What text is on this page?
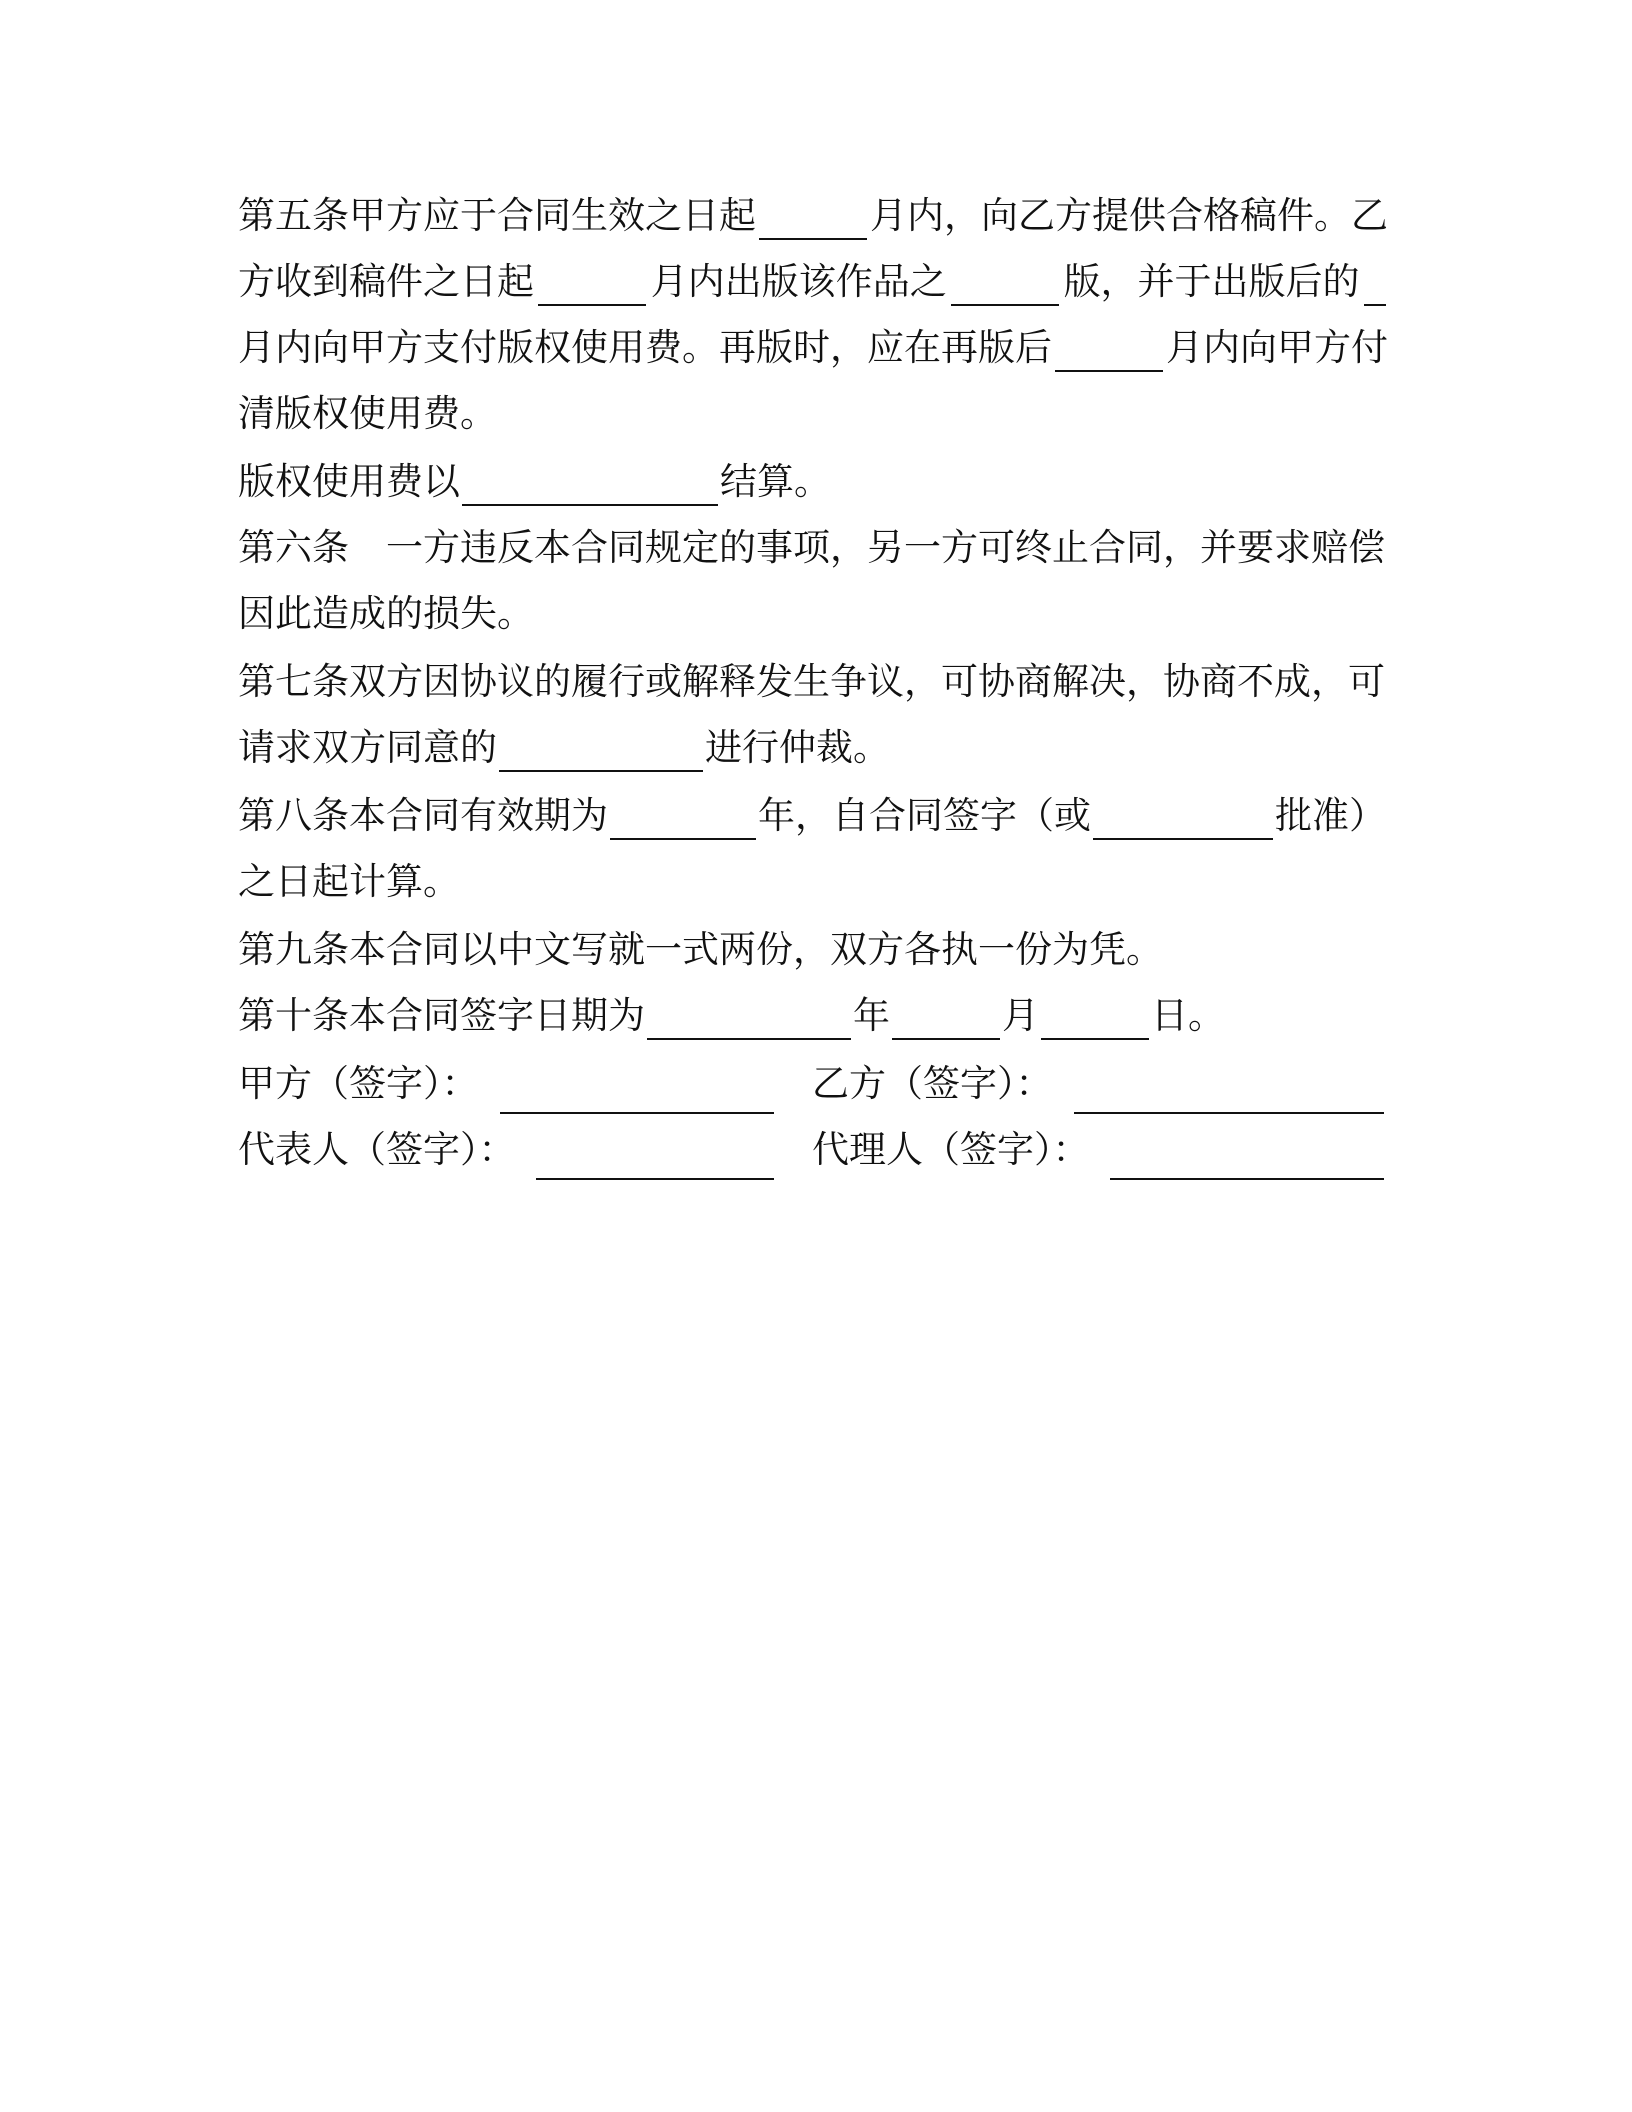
第五条甲方应于合同生效之日起	月内，向乙方提供合格稿件。乙
方收到稿件之日起	月内出版该作品之	版，并于出版后的
月内向甲方支付版权使用费。再版时，应在再版后	月内向甲方付
清版权使用费。
版权使用费以	结算。
第六条　一方违反本合同规定的事项，另一方可终止合同，并要求赔偿
因此造成的损失。
第七条双方因协议的履行或解释发生争议，可协商解决，协商不成，可
请求双方同意的	进行仲裁。
第八条本合同有效期为	年，自合同签字（或	批准）
之日起计算。
第九条本合同以中文写就一式两份，双方各执一份为凭。
第十条本合同签字日期为	年	月	日。
甲方（签字）：	乙方（签字）：
代表人（签字）：	代理人（签字）：
